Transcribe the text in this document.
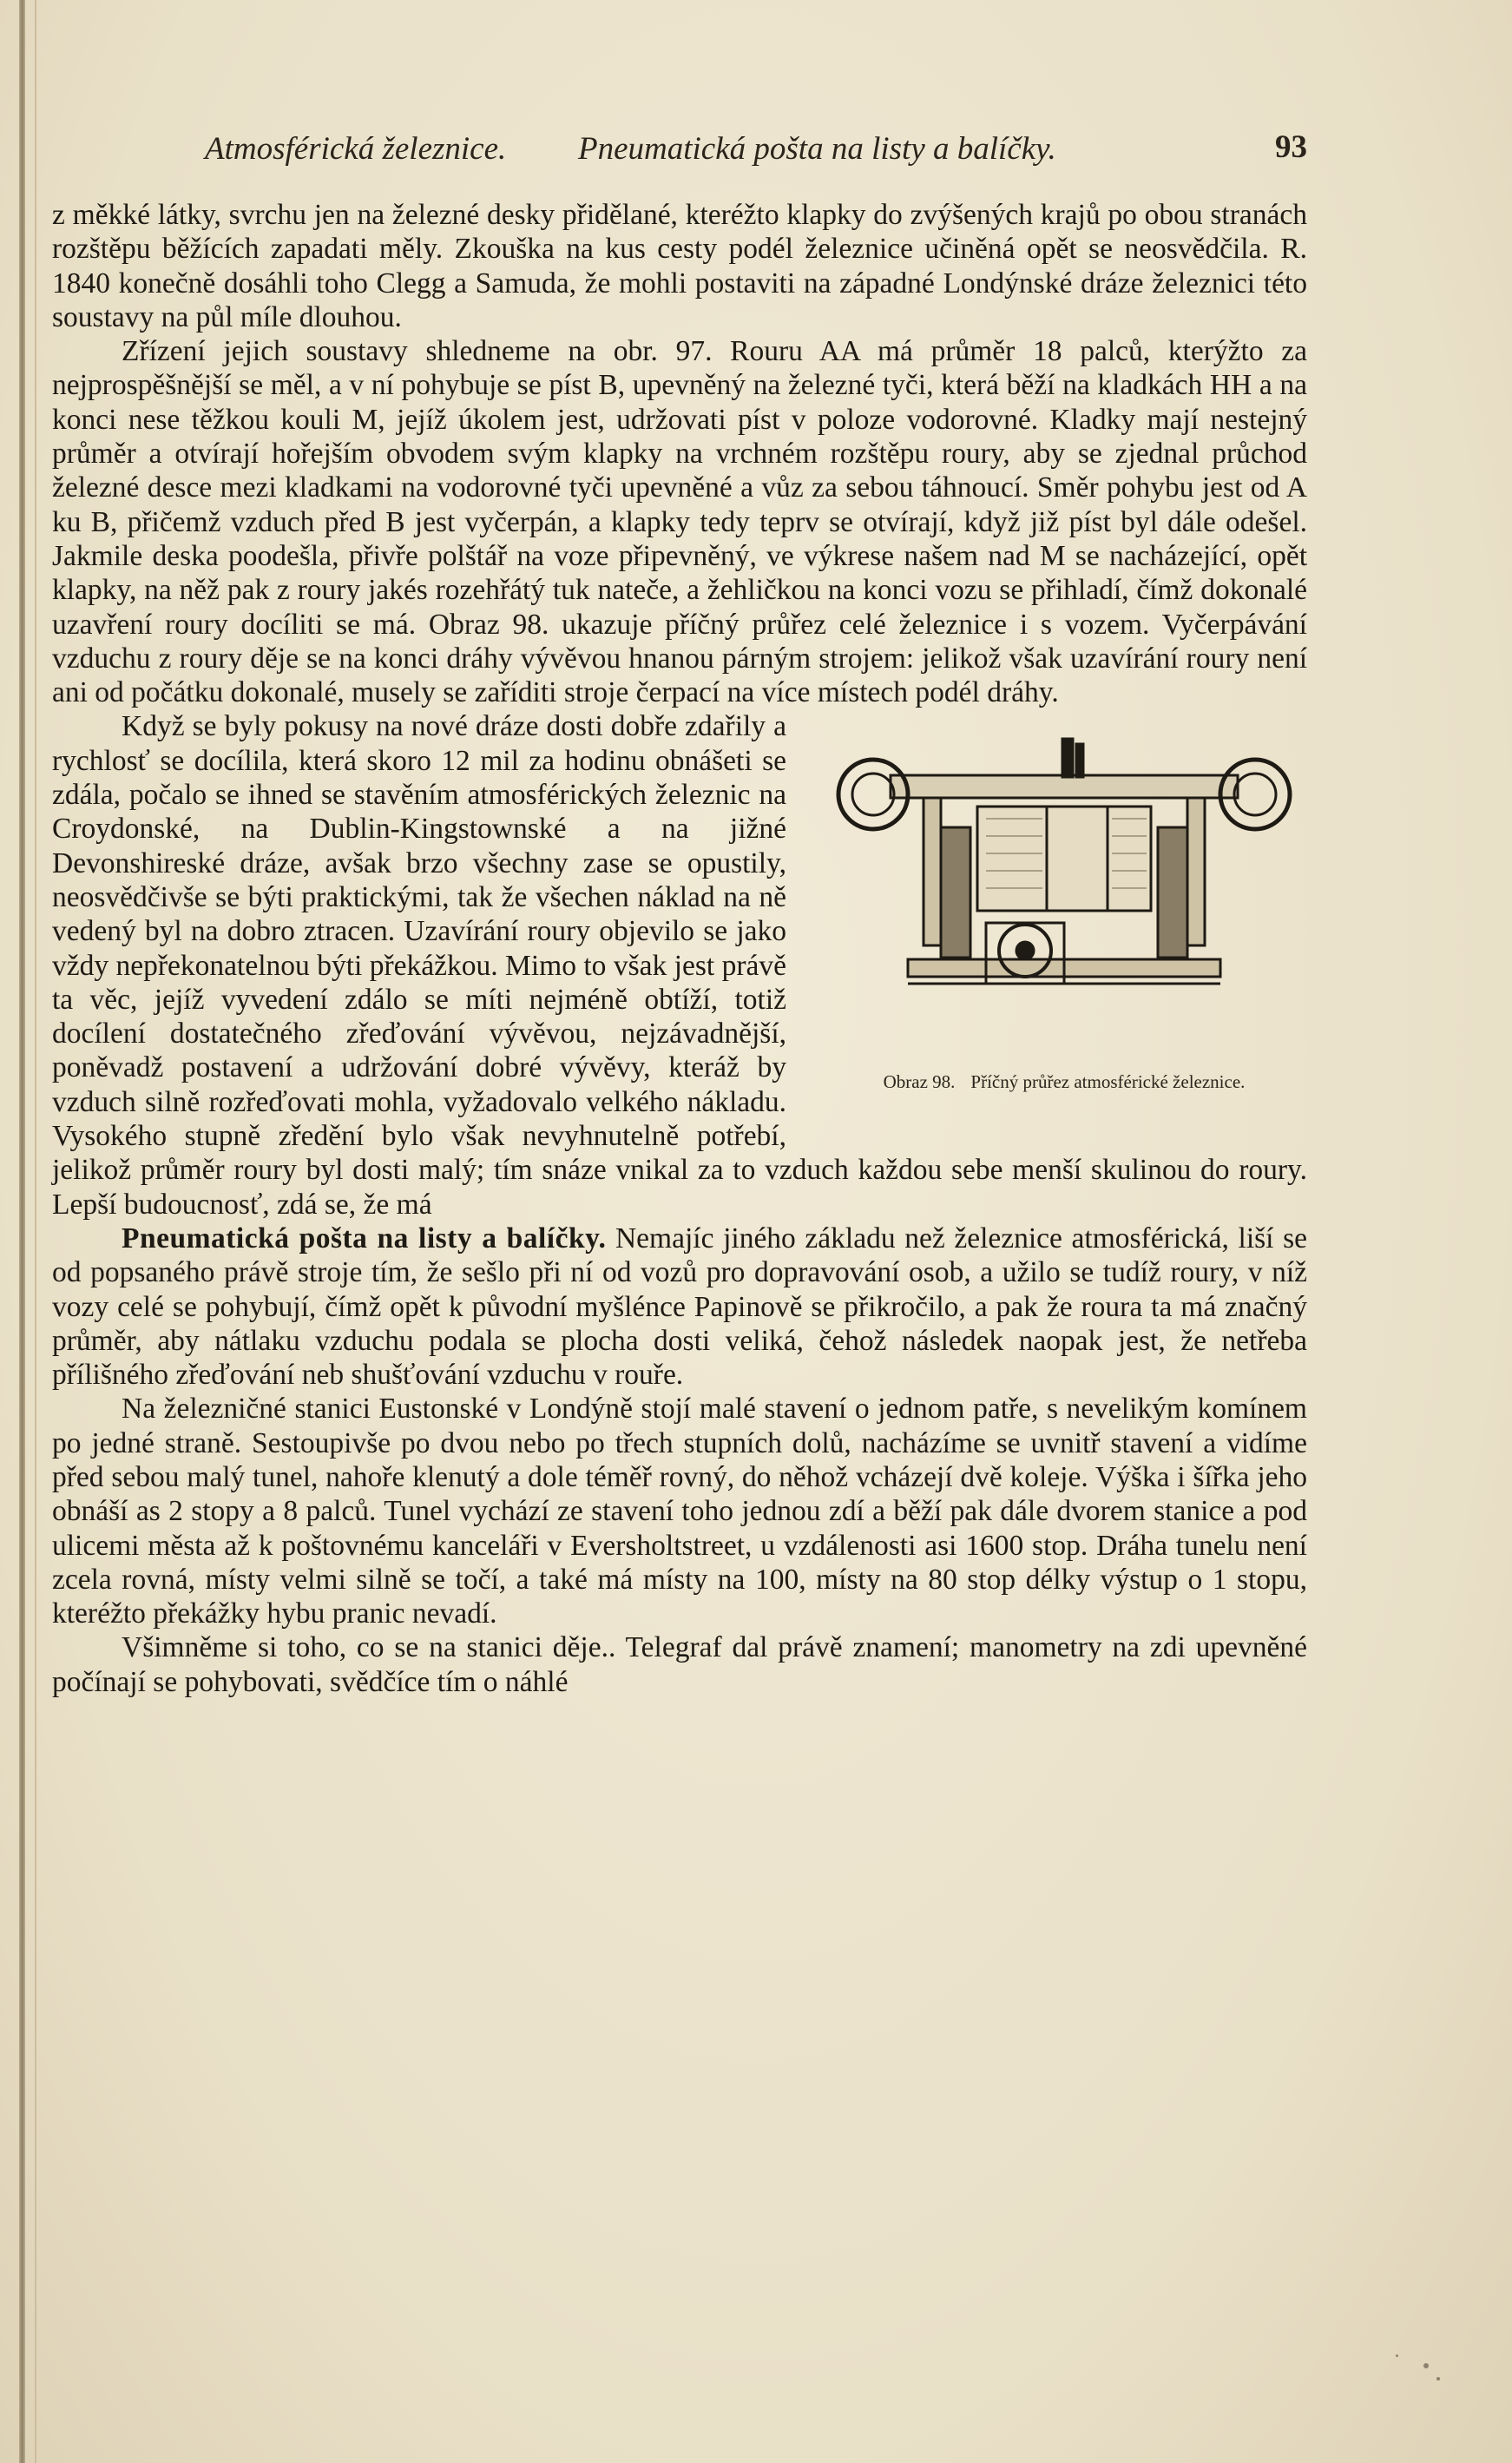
Atmosférická železnice. Pneumatická pošta na listy a balíčky.	93

z měkké látky, svrchu jen na železné desky přidělané, kteréžto klapky do zvýšených krajů po obou stranách rozštěpu běžících zapadati měly. Zkouška na kus cesty podél železnice učiněná opět se neosvědčila. R. 1840 konečně dosáhli toho Clegg a Samuda, že mohli postaviti na západné Londýnské dráze železnici této soustavy na půl míle dlouhou.

Zřízení jejich soustavy shledneme na obr. 97. Rouru AA má průměr 18 palců, kterýžto za nejprospěšnější se měl, a v ní pohybuje se píst B, upevněný na železné tyči, která běží na kladkách HH a na konci nese těžkou kouli M, jejíž úkolem jest, udržovati píst v poloze vodorovné. Kladky mají nestejný průměr a otvírají hořejším obvodem svým klapky na vrchném rozštěpu roury, aby se zjednal průchod železné desce mezi kladkami na vodorovné tyči upevněné a vůz za sebou táhnoucí. Směr pohybu jest od A ku B, přičemž vzduch před B jest vyčerpán, a klapky tedy teprv se otvírají, když již píst byl dále odešel. Jakmile deska poodešla, přivře polštář na voze připevněný, ve výkrese našem nad M se nacházející, opět klapky, na něž pak z roury jakés rozehřátý tuk nateče, a žehličkou na konci vozu se přihladí, čímž dokonalé uzavření roury docíliti se má. Obraz 98. ukazuje příčný průřez celé železnice i s vozem. Vyčerpávání vzduchu z roury děje se na konci dráhy vývěvou hnanou párným strojem: jelikož však uzavírání roury není ani od počátku dokonalé, musely se zaříditi stroje čerpací na více místech podél dráhy.

Obraz 98. Příčný průřez atmosférické železnice.

Když se byly pokusy na nové dráze dosti dobře zdařily a rychlosť se docílila, která skoro 12 mil za hodinu obnášeti se zdála, počalo se ihned se stavěním atmosférických železnic na Croydonské, na Dublin-Kingstownské a na jižné Devonshireské dráze, avšak brzo všechny zase se opustily, neosvědčivše se býti praktickými, tak že všechen náklad na ně vedený byl na dobro ztracen. Uzavírání roury objevilo se jako vždy nepřekonatelnou býti překážkou. Mimo to však jest právě ta věc, jejíž vyvedení zdálo se míti nejméně obtíží, totiž docílení dostatečného zřeďování vývěvou, nejzávadnější, poněvadž postavení a udržování dobré vývěvy, kteráž by vzduch silně rozřeďovati mohla, vyžadovalo velkého nákladu. Vysokého stupně zředění bylo však nevyhnutelně potřebí, jelikož průměr roury byl dosti malý; tím snáze vnikal za to vzduch každou sebe menší skulinou do roury. Lepší budoucnosť, zdá se, že má

Pneumatická pošta na listy a balíčky. Nemajíc jiného základu než železnice atmosférická, liší se od popsaného právě stroje tím, že sešlo při ní od vozů pro dopravování osob, a užilo se tudíž roury, v níž vozy celé se pohybují, čímž opět k původní myšlénce Papinově se přikročilo, a pak že roura ta má značný průměr, aby nátlaku vzduchu podala se plocha dosti veliká, čehož následek naopak jest, že netřeba přílišného zřeďování neb shušťování vzduchu v rouře.

Na železničné stanici Eustonské v Londýně stojí malé stavení o jednom patře, s nevelikým komínem po jedné straně. Sestoupivše po dvou nebo po třech stupních dolů, nacházíme se uvnitř stavení a vidíme před sebou malý tunel, nahoře klenutý a dole téměř rovný, do něhož vcházejí dvě koleje. Výška i šířka jeho obnáší as 2 stopy a 8 palců. Tunel vychází ze stavení toho jednou zdí a běží pak dále dvorem stanice a pod ulicemi města až k poštovnému kanceláři v Eversholtstreet, u vzdálenosti asi 1600 stop. Dráha tunelu není zcela rovná, místy velmi silně se točí, a také má místy na 100, místy na 80 stop délky výstup o 1 stopu, kteréžto překážky hybu pranic nevadí.

Všimněme si toho, co se na stanici děje.. Telegraf dal právě znamení; manometry na zdi upevněné počínají se pohybovati, svědčíce tím o náhlé
